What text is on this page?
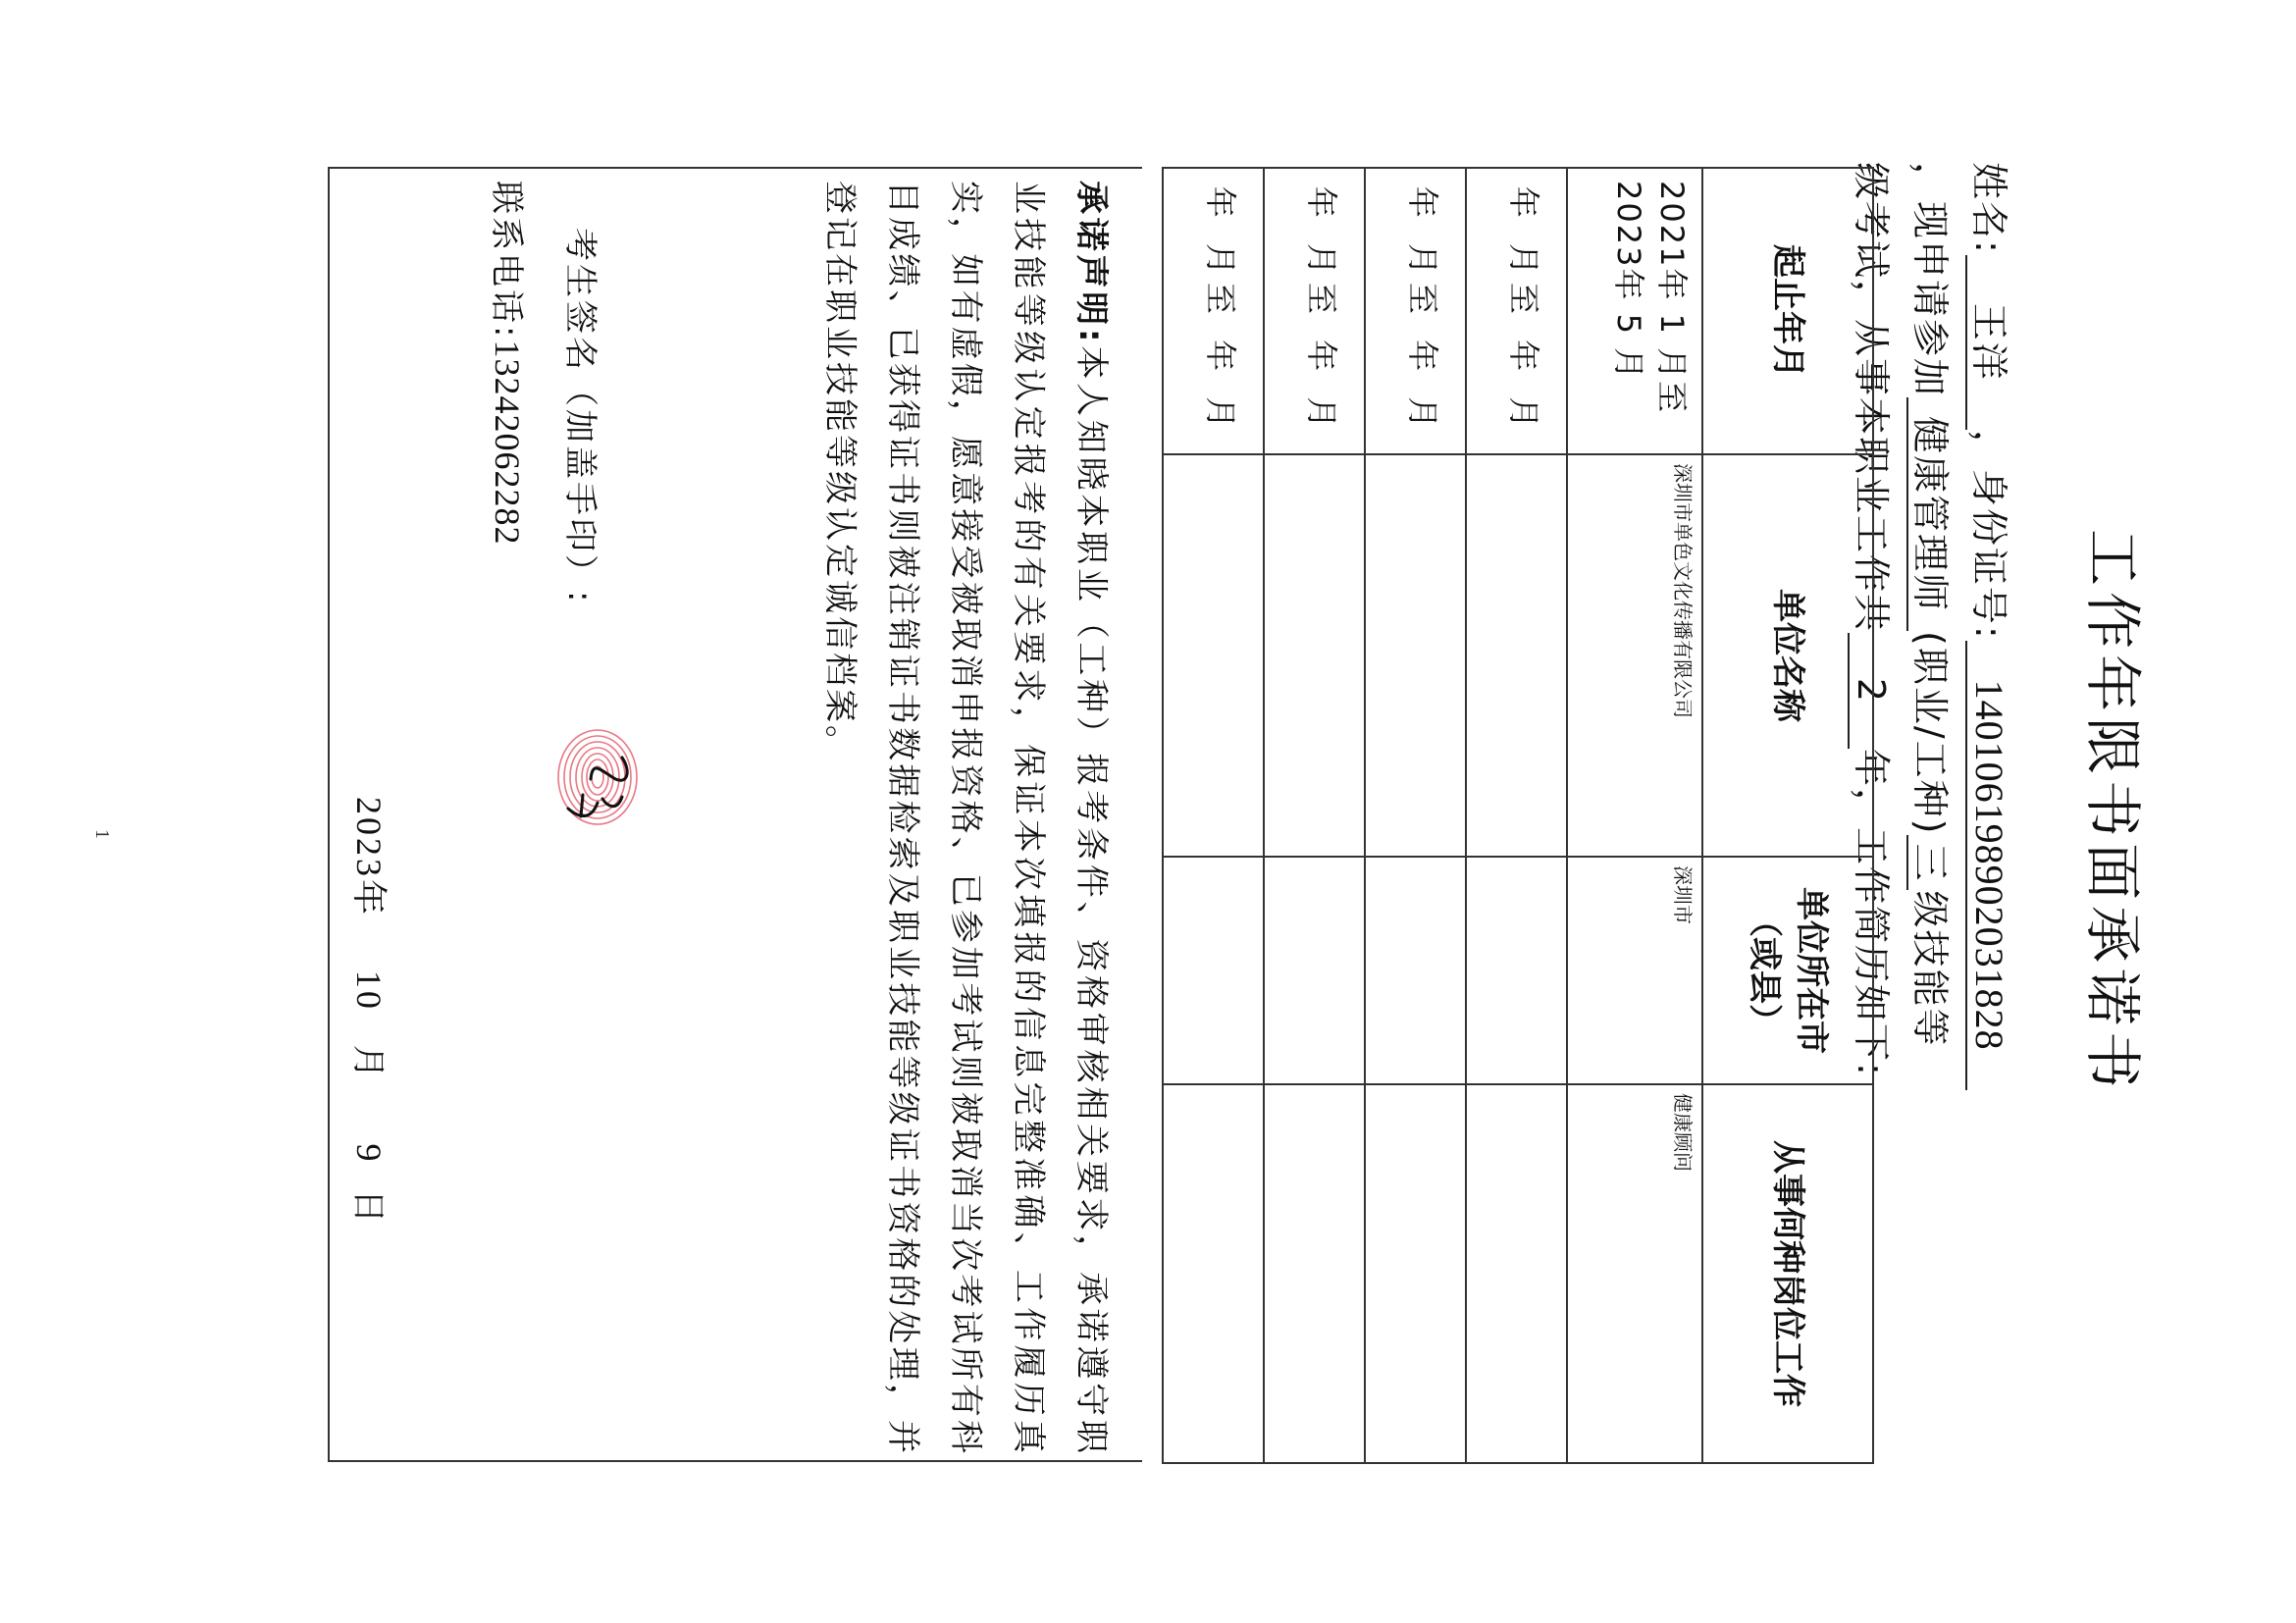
工作年限书面承诺书
姓名:王洋，身份证号:140106198902031828
，现申请参加健康管理师(职业/工种)三级技能等
级考试，从事本职业工作共2年，工作简历如下:
起止年月	单位名称	单位所在市（或县）	从事何种岗位工作
2021年 1 月至2023年 5 月	深圳市单色文化传播有限公司	深圳市	健康顾问
年 月至 年 月			
年 月至 年 月			
年 月至 年 月			
年 月至 年 月			
承诺声明:本人知晓本职业（工种）报考条件、资格审核相关要求，承诺遵守职业技能等级认定报考的有关要求，保证本次填报的信息完整准确、工作履历真实，如有虚假，愿意接受被取消申报资格、已参加考试则被取消当次考试所有科目成绩、已获得证书则被注销证书数据检索及职业技能等级证书资格的处理，并登记在职业技能等级认定诚信档案。
考生签名（加盖手印）:
联系电话:13242062282
2023年 10 月 9 日
1
